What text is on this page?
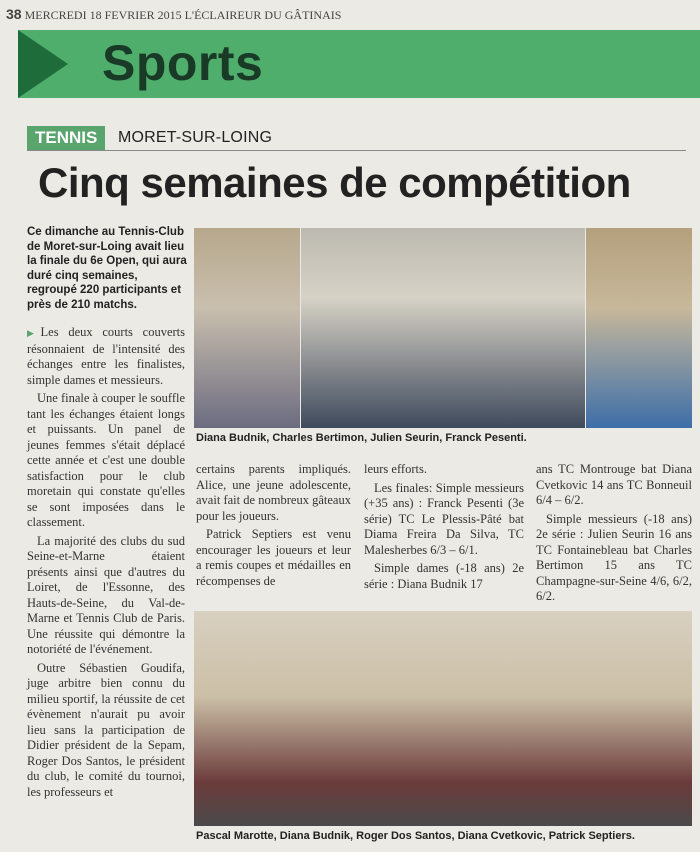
38 MERCREDI 18 FEVRIER 2015 L'ÉCLAIREUR DU GÂTINAIS
Sports
TENNIS	MORET-SUR-LOING
Cinq semaines de compétition
Ce dimanche au Tennis-Club de Moret-sur-Loing avait lieu la finale du 6e Open, qui aura duré cinq semaines, regroupé 220 participants et près de 210 matchs.
Diana Budnik, Charles Bertimon, Julien Seurin, Franck Pesenti.

▶ Les deux courts couverts résonnaient de l'intensité des échanges entre les finalistes, simple dames et messieurs.

Une finale à couper le souffle tant les échanges étaient longs et puissants. Un panel de jeunes femmes s'était déplacé cette année et c'est une double satisfaction pour le club moretain qui constate qu'elles se sont imposées dans le classement.

La majorité des clubs du sud Seine-et-Marne étaient présents ainsi que d'autres du Loiret, de l'Essonne, des Hauts-de-Seine, du Val-de-Marne et Tennis Club de Paris. Une réussite qui démontre la notoriété de l'événement.

Outre Sébastien Goudifa, juge arbitre bien connu du milieu sportif, la réussite de cet évènement n'aurait pu avoir lieu sans la participation de Didier président de la Sepam, Roger Dos Santos, le président du club, le comité du tournoi, les professeurs et

certains parents impliqués. Alice, une jeune adolescente, avait fait de nombreux gâteaux pour les joueurs.

Patrick Septiers est venu encourager les joueurs et leur a remis coupes et médailles en récompenses de

leurs efforts.

Les finales: Simple messieurs (+35 ans) : Franck Pesenti (3e série) TC Le Plessis-Pâté bat Diama Freira Da Silva, TC Malesherbes 6/3 – 6/1.

Simple dames (-18 ans) 2e série : Diana Budnik 17

ans TC Montrouge bat Diana Cvetkovic 14 ans TC Bonneuil 6/4 – 6/2.

Simple messieurs (-18 ans) 2e série : Julien Seurin 16 ans TC Fontainebleau bat Charles Bertimon 15 ans TC Champagne-sur-Seine 4/6, 6/2, 6/2.

Pascal Marotte, Diana Budnik, Roger Dos Santos, Diana Cvetkovic, Patrick Septiers.
